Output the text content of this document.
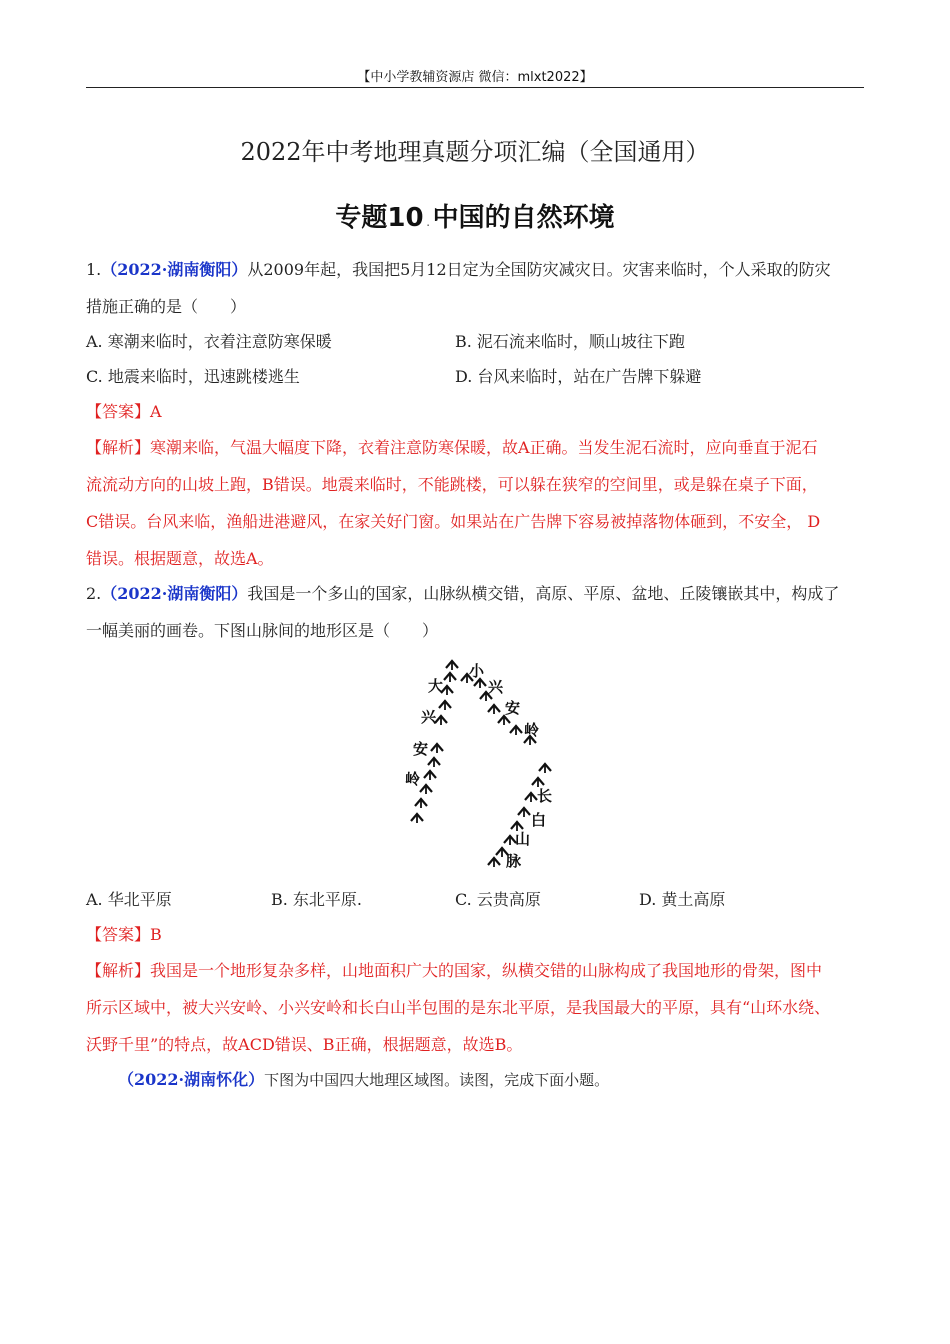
【中小学教辅资源店 微信：mlxt2022】
2022年中考地理真题分项汇编（全国通用）
专题10 . 中国的自然环境
1.（2022·湖南衡阳）从2009年起，我国把5月12日定为全国防灾减灾日。灾害来临时，个人采取的防灾
措施正确的是（　　）
A. 寒潮来临时，衣着注意防寒保暖	B. 泥石流来临时，顺山坡往下跑
C. 地震来临时，迅速跳楼逃生	D. 台风来临时，站在广告牌下躲避
【答案】A
【解析】寒潮来临，气温大幅度下降，衣着注意防寒保暖，故A正确。当发生泥石流时，应向垂直于泥石
流流动方向的山坡上跑，B错误。地震来临时，不能跳楼，可以躲在狭窄的空间里，或是躲在桌子下面，
C错误。台风来临，渔船进港避风，在家关好门窗。如果站在广告牌下容易被掉落物体砸到，不安全， D
错误。根据题意，故选A。
2.（2022·湖南衡阳）我国是一个多山的国家，山脉纵横交错，高原、平原、盆地、丘陵镶嵌其中，构成了
一幅美丽的画卷。下图山脉间的地形区是（　　）
大
兴
安
岭
小
兴
安
岭
长
白
山
脉
A. 华北平原	B. 东北平原.	C. 云贵高原	D. 黄土高原
【答案】B
【解析】我国是一个地形复杂多样，山地面积广大的国家，纵横交错的山脉构成了我国地形的骨架，图中
所示区域中，被大兴安岭、小兴安岭和长白山半包围的是东北平原，是我国最大的平原，具有“山环水绕、
沃野千里”的特点，故ACD错误、B正确，根据题意，故选B。
（2022·湖南怀化）下图为中国四大地理区域图。读图，完成下面小题。
